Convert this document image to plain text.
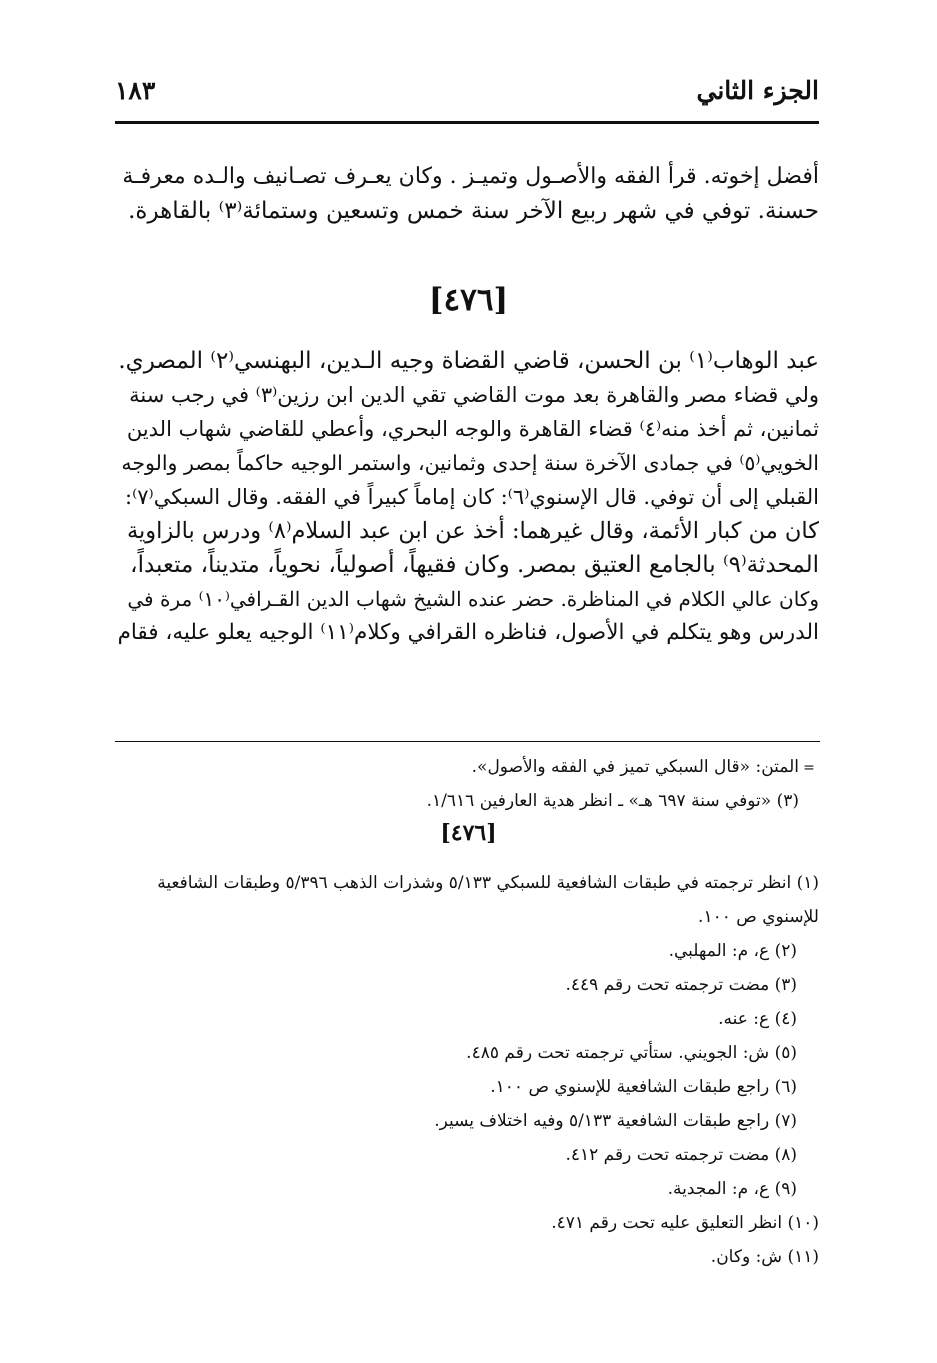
الجزء الثاني
١٨٣
أفضل إخوته. قرأ الفقه والأصـول وتميـز . وكان يعـرف تصـانيف والـده معرفـة
حسنة. توفي في شهر ربيع الآخر سنة خمس وتسعين وستمائة⁽٣⁾ بالقاهرة.
[٤٧٦]
عبد الوهاب⁽١⁾ بن الحسن، قاضي القضاة وجيه الـدين، البهنسي⁽٢⁾ المصري.
ولي قضاء مصر والقاهرة بعد موت القاضي تقي الدين ابن رزين⁽٣⁾ في رجب سنة
ثمانين، ثم أخذ منه⁽٤⁾ قضاء القاهرة والوجه البحري، وأعطي للقاضي شهاب الدين
الخويي⁽٥⁾ في جمادى الآخرة سنة إحدى وثمانين، واستمر الوجيه حاكماً بمصر والوجه
القبلي إلى أن توفي. قال الإسنوي⁽٦⁾: كان إماماً كبيراً في الفقه. وقال السبكي⁽٧⁾:
كان من كبار الأئمة، وقال غيرهما: أخذ عن ابن عبد السلام⁽٨⁾ ودرس بالزاوية
المحدثة⁽٩⁾ بالجامع العتيق بمصر. وكان فقيهاً، أصولياً، نحوياً، متديناً، متعبداً،
وكان عالي الكلام في المناظرة. حضر عنده الشيخ شهاب الدين القـرافي⁽١٠⁾ مرة في
الدرس وهو يتكلم في الأصول، فناظره القرافي وكلام⁽١١⁾ الوجيه يعلو عليه، فقام
=المتن: «قال السبكي تميز في الفقه والأصول».
(٣) «توفي سنة ٦٩٧ هـ» ـ انظر هدية العارفين ١/٦١٦.
[٤٧٦]
(١) انظر ترجمته في طبقات الشافعية للسبكي ٥/١٣٣ وشذرات الذهب ٥/٣٩٦ وطبقات الشافعية
للإسنوي ص ١٠٠.
(٢) ع، م: المهلبي.
(٣) مضت ترجمته تحت رقم ٤٤٩.
(٤) ع: عنه.
(٥) ش: الجويني. ستأتي ترجمته تحت رقم ٤٨٥.
(٦) راجع طبقات الشافعية للإسنوي ص ١٠٠.
(٧) راجع طبقات الشافعية ٥/١٣٣ وفيه اختلاف يسير.
(٨) مضت ترجمته تحت رقم ٤١٢.
(٩) ع، م: المجدية.
(١٠) انظر التعليق عليه تحت رقم ٤٧١.
(١١) ش: وكان.
